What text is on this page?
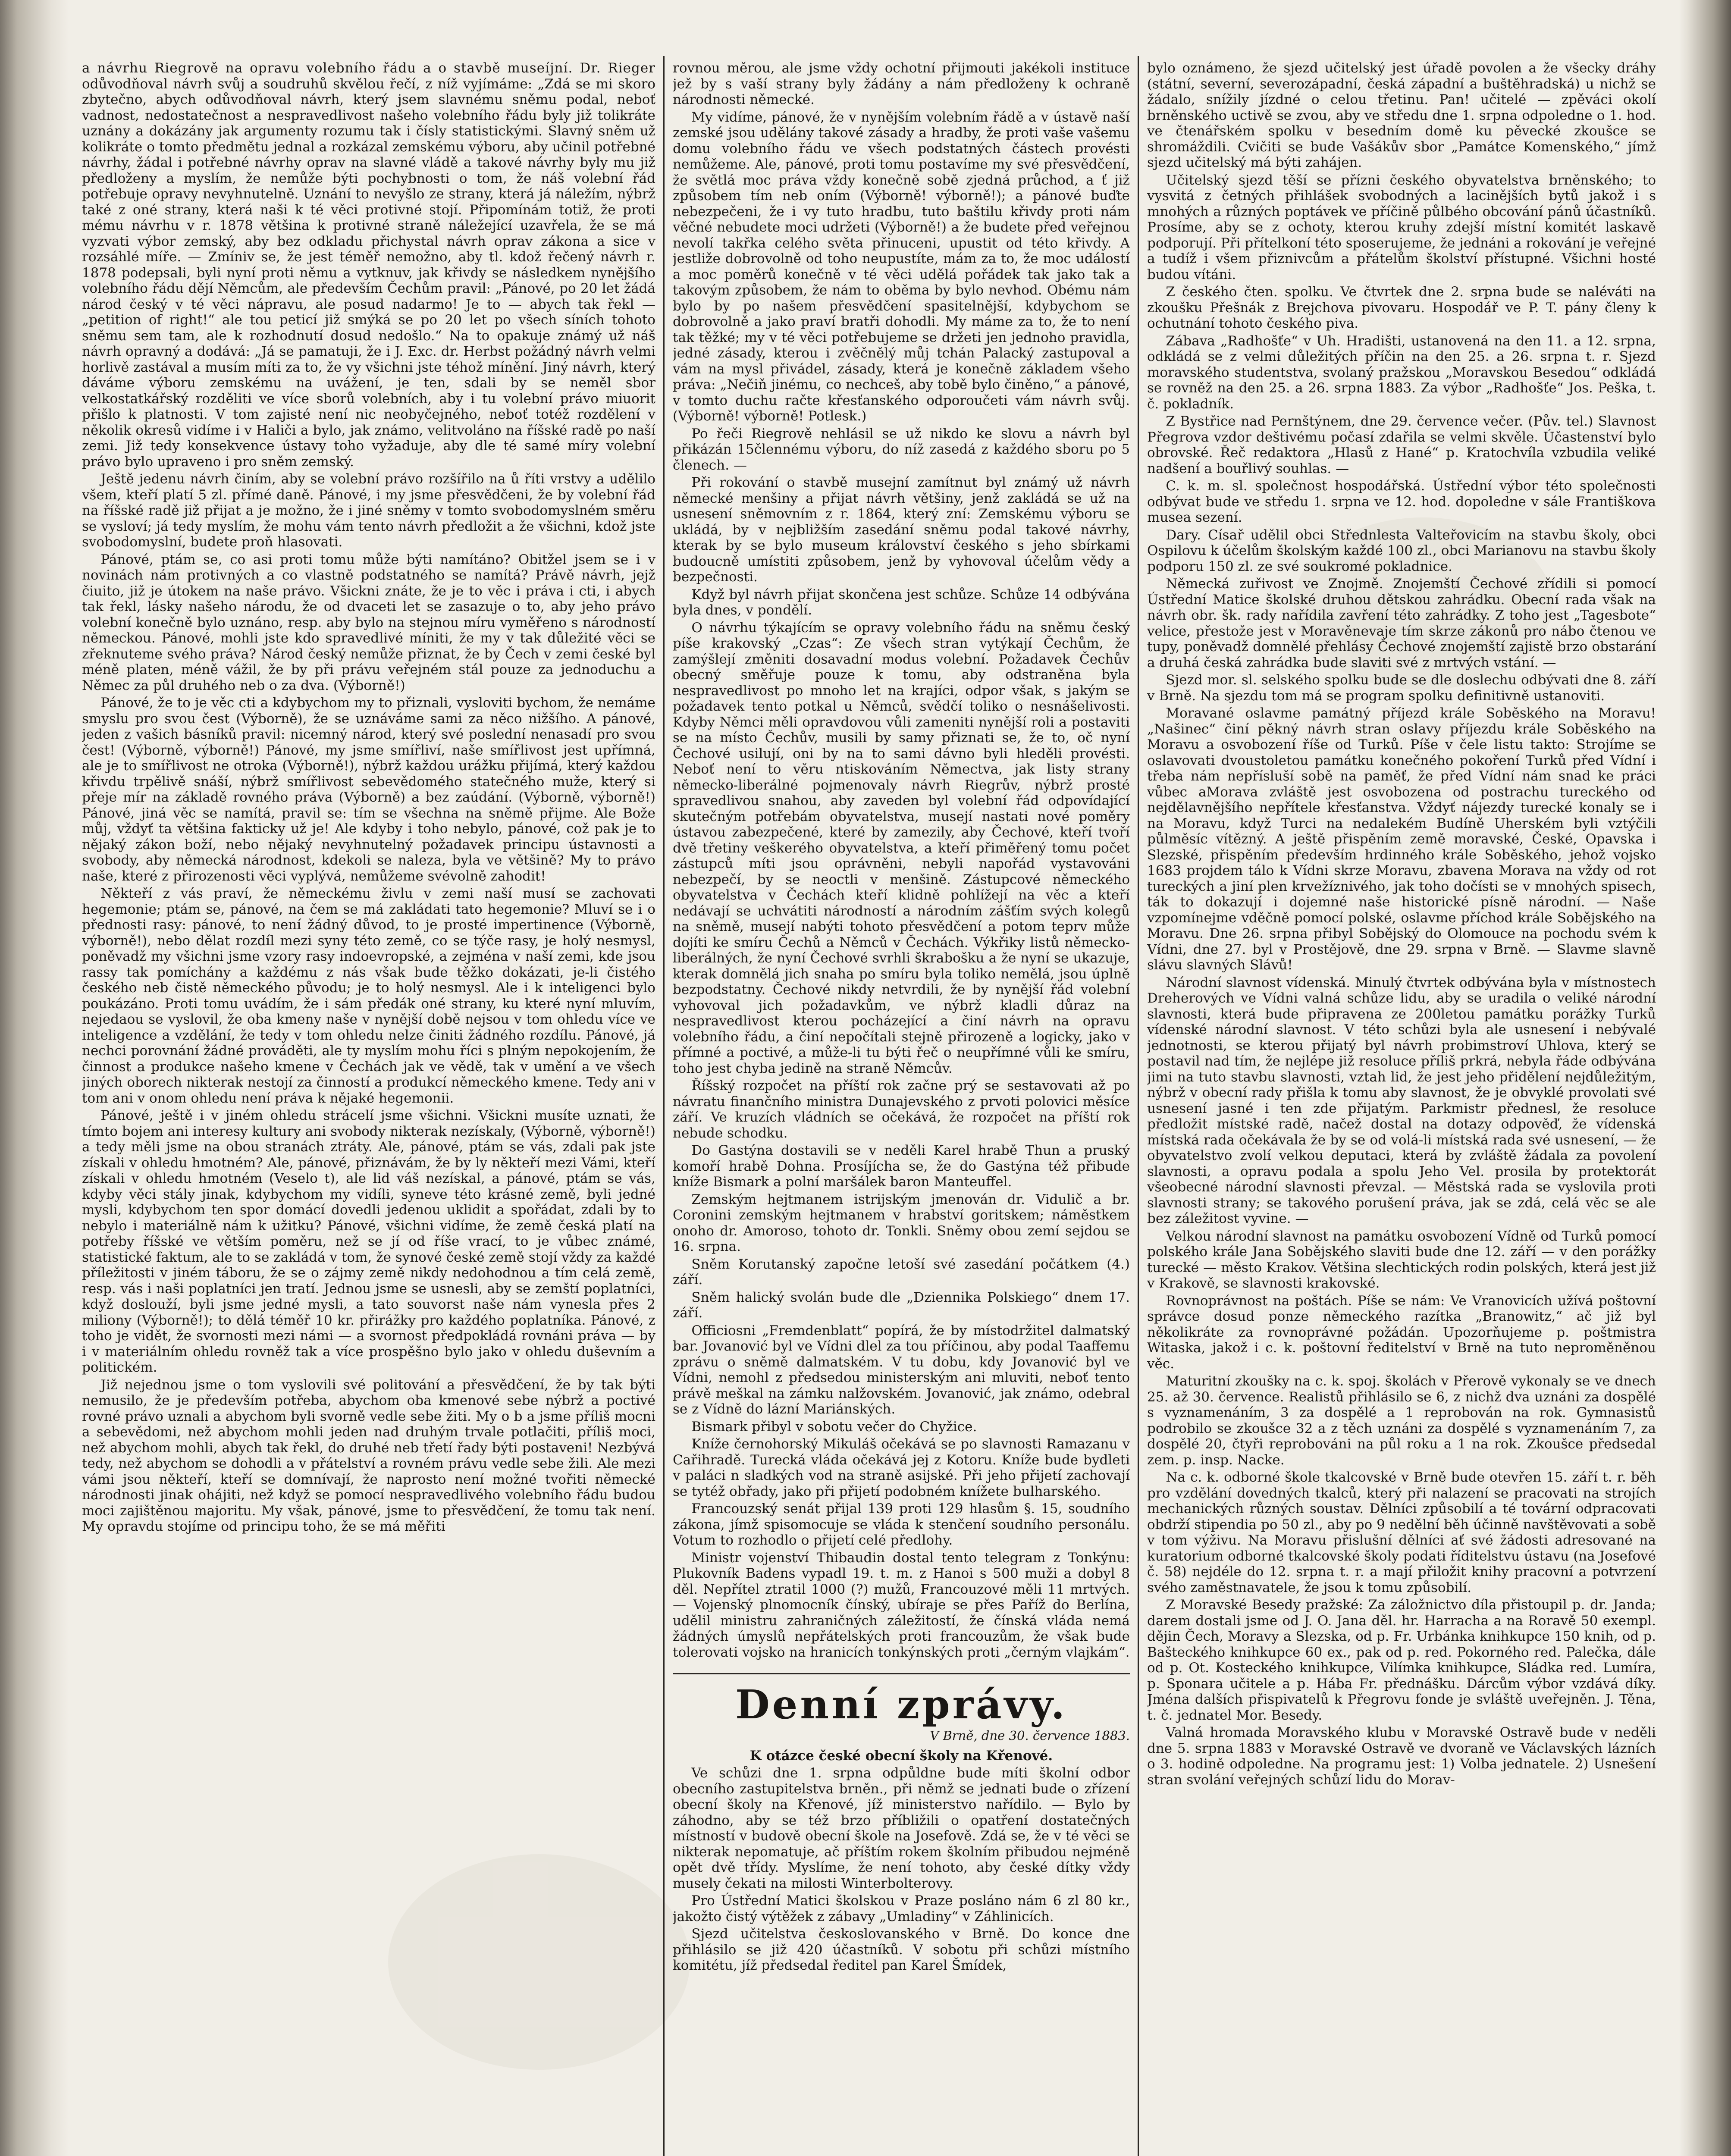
a návrhu Riegrově na opravu volebního řádu a o stavbě museíjní. Dr. Rieger odůvodňoval návrh svůj a soudruhů skvělou řečí, z níž vyjímáme: „Zdá se mi skoro zbytečno, abych odůvodňoval návrh, který jsem slavnému sněmu podal, neboť vadnost, nedostatečnost a nespravedlivost našeho volebního řádu byly již tolikráte uznány a dokázány jak argumenty rozumu tak i čísly statistickými. Slavný sněm už kolikráte o tomto předmětu jednal a rozkázal zemskému výboru, aby učinil potřebné návrhy, žádal i potřebné návrhy oprav na slavné vládě a takové návrhy byly mu již předloženy a myslím, že nemůže býti pochybnosti o tom, že náš volební řád potřebuje opravy nevyhnutelně. Uznání to nevyšlo ze strany, která já náležím, nýbrž také z oné strany, která naši k té věci protivné stojí. Připomínám totiž, že proti mému návrhu v r. 1878 většina k protivné straně náležející uzavřela, že se má vyzvati výbor zemský, aby bez odkladu přichystal návrh oprav zákona a sice v rozsáhlé míře. — Zmíniv se, že jest téměř nemožno, aby tl. kdož řečený návrh r. 1878 podepsali, byli nyní proti němu a vytknuv, jak křivdy se následkem nynějšího volebního řádu dějí Němcům, ale především Čechům pravil: „Pánové, po 20 let žádá národ český v té věci nápravu, ale posud nadarmo! Je to — abych tak řekl — „petition of right!“ ale tou peticí již smýká se po 20 let po všech síních tohoto sněmu sem tam, ale k rozhodnutí dosud nedošlo.“ Na to opakuje známý už náš návrh opravný a dodává: „Já se pamatuji, že i J. Exc. dr. Herbst požádný návrh velmi horlivě zastával a musím míti za to, že vy všichni jste téhož mínění. Jiný návrh, který dáváme výboru zemskému na uvážení, je ten, sdali by se neměl sbor velkostatkářský rozděliti ve více sborů volebních, aby i tu volební právo miuorit přišlo k platnosti. V tom zajisté není nic neobyčejného, neboť totéž rozdělení v několik okresů vidíme i v Haliči a bylo, jak známo, velitvoláno na říšské radě po naší zemi. Již tedy konsekvence ústavy toho vyžaduje, aby dle té samé míry volební právo bylo upraveno i pro sněm zemský.

Ještě jedenu návrh činím, aby se volební právo rozšířilo na ů říti vrstvy a udělilo všem, kteří platí 5 zl. přímé daně. Pánové, i my jsme přesvědčeni, že by volební řád na říšské radě již přijat a je možno, že i jiné sněmy v tomto svobodomyslném směru se vysloví; já tedy myslím, že mohu vám tento návrh předložit a že všichni, kdož jste svobodomyslní, budete proň hlasovati.

Pánové, ptám se, co asi proti tomu může býti namítáno? Obitžel jsem se i v novinách nám protivných a co vlastně podstatného se namítá? Právě návrh, jejž čiuito, již je útokem na naše právo. Všickni znáte, že je to věc i práva i cti, i abych tak řekl, lásky našeho národu, že od dvaceti let se zasazuje o to, aby jeho právo volební konečně bylo uznáno, resp. aby bylo na stejnou míru vyměřeno s národností německou. Pánové, mohli jste kdo spravedlivé míniti, že my v tak důležité věci se zřeknuteme svého práva? Národ český nemůže přiznat, že by Čech v zemi české byl méně platen, méně vážil, že by při právu veřejném stál pouze za jednoduchu a Němec za půl druhého neb o za dva. (Výborně!)

Pánové, že to je věc cti a kdybychom my to přiznali, vysloviti bychom, že nemáme smyslu pro svou čest (Výborně), že se uznáváme sami za něco nižšího. A pánové, jeden z vašich básníků pravil: nicemný národ, který své poslední nenasadí pro svou čest! (Výborně, výborně!) Pánové, my jsme smířliví, naše smířlivost jest upřímná, ale je to smířlivost ne otroka (Výborně!), nýbrž každou urážku přijímá, který každou křivdu trpělivě snáší, nýbrž smířlivost sebevědomého statečného muže, který si přeje mír na základě rovného práva (Výborně) a bez zaúdání. (Výborně, výborně!) Pánové, jiná věc se namítá, pravil se: tím se všechna na sněmě přijme. Ale Bože můj, vždyť ta většina fakticky už je! Ale kdyby i toho nebylo, pánové, což pak je to nějaký zákon boží, nebo nějaký nevyhnutelný požadavek principu ústavnosti a svobody, aby německá národnost, kdekoli se naleza, byla ve většině? My to právo naše, které z přirozenosti věci vyplývá, nemůžeme svévolně zahodit!

Někteří z vás praví, že německému živlu v zemi naší musí se zachovati hegemonie; ptám se, pánové, na čem se má zakládati tato hegemonie? Mluví se i o přednosti rasy: pánové, to není žádný důvod, to je prosté impertinence (Výborně, výborně!), nebo dělat rozdíl mezi syny této země, co se týče rasy, je holý nesmysl, poněvadž my všichni jsme vzory rasy indoevropské, a zejména v naší zemi, kde jsou rassy tak pomíchány a každému z nás však bude těžko dokázati, je-li čistého českého neb čistě německého původu; je to holý nesmysl. Ale i k inteligenci bylo poukázáno. Proti tomu uvádím, že i sám předák oné strany, ku které nyní mluvím, nejedaou se vyslovil, že oba kmeny naše v nynější době nejsou v tom ohledu více ve inteligence a vzdělání, že tedy v tom ohledu nelze činiti žádného rozdílu. Pánové, já nechci porovnání žádné prováděti, ale ty myslím mohu říci s plným nepokojením, že činnost a produkce našeho kmene v Čechách jak ve vědě, tak v umění a ve všech jiných oborech nikterak nestojí za činností a produkcí německého kmene. Tedy ani v tom ani v onom ohledu není práva k nějaké hegemonii.

Pánové, ještě i v jiném ohledu strácelí jsme všichni. Všickni musíte uznati, že tímto bojem ani interesy kultury ani svobody nikterak nezískaly, (Výborně, výborně!) a tedy měli jsme na obou stranách ztráty. Ale, pánové, ptám se vás, zdali pak jste získali v ohledu hmotném? Ale, pánové, přiznávám, že by ly někteří mezi Vámi, kteří získali v ohledu hmotném (Veselo t), ale lid váš nezískal, a pánové, ptám se vás, kdyby věci stály jinak, kdybychom my vidíli, syneve této krásné země, byli jedné mysli, kdybychom ten spor domácí dovedli jedenou uklidit a spořádat, zdali by to nebylo i materiálně nám k užitku? Pánové, všichni vidíme, že země česká platí na potřeby říšské ve větším poměru, než se jí od říše vrací, to je vůbec známé, statistické faktum, ale to se zakládá v tom, že synové české země stojí vždy za každé příležitosti v jiném táboru, že se o zájmy země nikdy nedohodnou a tím celá země, resp. vás i naši poplatníci jen tratí. Jednou jsme se usnesli, aby se zemští poplatníci, když doslouží, byli jsme jedné mysli, a tato souvorst naše nám vynesla přes 2 miliony (Výborně!); to dělá téměř 10 kr. přirážky pro každého poplatníka. Pánové, z toho je vidět, že svornosti mezi námi — a svornost předpokládá rovnáni práva — by i v materiálním ohledu rovněž tak a více prospěšno bylo jako v ohledu duševním a politickém.

Již nejednou jsme o tom vyslovili své politování a přesvědčení, že by tak býti nemusilo, že je především potřeba, abychom oba kmenové sebe nýbrž a poctivé rovné právo uznali a abychom byli svorně vedle sebe žiti. My o b a jsme příliš mocni a sebevědomi, než abychom mohli jeden nad druhým trvale potlačiti, příliš moci, než abychom mohli, abych tak řekl, do druhé neb třetí řady býti postaveni! Nezbývá tedy, než abychom se dohodli a v přátelství a rovném právu vedle sebe žili. Ale mezi vámi jsou někteří, kteří se domnívají, že naprosto není možné tvořiti německé národnosti jinak ohájiti, než když se pomocí nespravedlivého volebního řádu budou moci zajištěnou majoritu. My však, pánové, jsme to přesvědčení, že tomu tak není. My opravdu stojíme od principu toho, že se má měřiti

rovnou měrou, ale jsme vždy ochotní přijmouti jakékoli instituce jež by s vaší strany byly žádány a nám předloženy k ochraně národnosti německé.

My vidíme, pánové, že v nynějším volebním řádě a v ústavě naší zemské jsou udělány takové zásady a hradby, že proti vaše vašemu domu volebního řádu ve všech podstatných částech provésti nemůžeme. Ale, pánové, proti tomu postavíme my své přesvědčení, že světlá moc práva vždy konečně sobě zjedná průchod, a ť již způsobem tím neb oním (Výborně! výborně!); a pánové buďte nebezpečeni, že i vy tuto hradbu, tuto baštilu křivdy proti nám věčné nebudete moci udržeti (Výborně!) a že budete před veřejnou nevolí takřka celého světa přinuceni, upustit od této křivdy. A jestliže dobrovolně od toho neupustíte, mám za to, že moc událostí a moc poměrů konečně v té věci udělá pořádek tak jako tak a takovým způsobem, že nám to oběma by bylo nevhod. Obému nám bylo by po našem přesvědčení spasitelnější, kdybychom se dobrovolně a jako praví bratři dohodli. My máme za to, že to není tak těžké; my v té věci potřebujeme se držeti jen jednoho pravidla, jedné zásady, kterou i zvěčnělý můj tchán Palacký zastupoval a vám na mysl přivádel, zásady, která je konečně základem všeho práva: „Nečiň jinému, co nechceš, aby tobě bylo činěno,“ a pánové, v tomto duchu račte křesťanského odporoučeti vám návrh svůj. (Výborně! výborně! Potlesk.)

Po řeči Riegrově nehlásil se už nikdo ke slovu a návrh byl přikázán 15člennému výboru, do níž zasedá z každého sboru po 5 členech. —

Při rokování o stavbě musejní zamítnut byl známý už návrh německé menšiny a přijat návrh většiny, jenž zakládá se už na usnesení sněmovním z r. 1864, který zní: Zemskému výboru se ukládá, by v nejbližším zasedání sněmu podal takové návrhy, kterak by se bylo museum království českého s jeho sbírkami budoucně umístiti způsobem, jenž by vyhovoval účelům vědy a bezpečnosti.

Když byl návrh přijat skončena jest schůze. Schůze 14 odbývána byla dnes, v pondělí.

O návrhu týkajícím se opravy volebního řádu na sněmu český píše krakovský „Czas“: Ze všech stran vytýkají Čechům, že zamýšlejí změniti dosavadní modus volební. Požadavek Čechův obecný směřuje pouze k tomu, aby odstraněna byla nespravedlivost po mnoho let na krajíci, odpor však, s jakým se požadavek tento potkal u Němců, svědčí toliko o nesnášelivosti. Kdyby Němci měli opravdovou vůli zameniti nynější roli a postaviti se na místo Čechův, musili by samy přiznati se, že to, oč nyní Čechové usilují, oni by na to sami dávno byli hleděli provésti. Neboť není to věru ntiskováním Němectva, jak listy strany německo-liberálné pojmenovaly návrh Riegrův, nýbrž prosté spravedlivou snahou, aby zaveden byl volební řád odpovídající skutečným potřebám obyvatelstva, musejí nastati nové poměry ústavou zabezpečené, které by zamezily, aby Čechové, kteří tvoří dvě třetiny veškerého obyvatelstva, a kteří přiměřený tomu počet zástupců míti jsou oprávněni, nebyli napořád vystavováni nebezpečí, by se neoctli v menšině. Zástupcové německého obyvatelstva v Čechách kteří klidně pohlížejí na věc a kteří nedávají se uchvátiti národností a národním zášťím svých kolegů na sněmě, musejí nabýti tohoto přesvědčení a potom teprv může dojíti ke smíru Čechů a Němců v Čechách. Výkřiky listů německo-liberálných, že nyní Čechové svrhli škrabošku a že nyní se ukazuje, kterak domnělá jich snaha po smíru byla toliko nemělá, jsou úplně bezpodstatny. Čechové nikdy netvrdili, že by nynější řád volební vyhovoval jich požadavkům, ve nýbrž kladli důraz na nespravedlivost kterou pocházející a činí návrh na opravu volebního řádu, a činí nepočítali stejně přirozeně a logicky, jako v přímné a poctivé, a může-li tu býti řeč o neupřímné vůli ke smíru, toho jest chyba jedině na straně Němcův.

Říšský rozpočet na příští rok začne prý se sestavovati až po návratu finančního ministra Dunajevského z prvoti polovici měsíce září. Ve kruzích vládních se očekává, že rozpočet na příští rok nebude schodku.

Do Gastýna dostavili se v neděli Karel hrabě Thun a pruský komoří hrabě Dohna. Prosíjícha se, že do Gastýna též přibude kníže Bismark a polní maršálek baron Manteuffel.

Zemským hejtmanem istrijským jmenován dr. Vidulič a br. Coronini zemským hejtmanem v hrabství goritskem; náměstkem onoho dr. Amoroso, tohoto dr. Tonkli. Sněmy obou zemí sejdou se 16. srpna.

Sněm Korutanský započne letoší své zasedání počátkem (4.) září.

Sněm halický svolán bude dle „Dziennika Polskiego“ dnem 17. září.

Officiosni „Fremdenblatt“ popírá, že by místodržitel dalmatský bar. Jovanović byl ve Vídni dlel za tou příčinou, aby podal Taaffemu zprávu o sněmě dalmatském. V tu dobu, kdy Jovanović byl ve Vídni, nemohl z předsedou ministerským ani mluviti, neboť tento právě meškal na zámku nalžovském. Jovanović, jak známo, odebral se z Vídně do lázní Mariánských.

Bismark přibyl v sobotu večer do Chyžice.

Kníže černohorský Mikuláš očekává se po slavnosti Ramazanu v Cařihradě. Turecká vláda očekává jej z Kotoru. Kníže bude bydleti v paláci n sladkých vod na straně asijské. Při jeho přijetí zachovají se tytéž obřady, jako při přijetí podobném knížete bulharského.

Francouzský senát přijal 139 proti 129 hlasům §. 15, soudního zákona, jímž spisomocuje se vláda k stenčení soudního personálu. Votum to rozhodlo o přijetí celé předlohy.

Ministr vojenství Thibaudin dostal tento telegram z Tonkýnu: Plukovník Badens vypadl 19. t. m. z Hanoi s 500 muži a dobyl 8 děl. Nepřítel ztratil 1000 (?) mužů, Francouzové měli 11 mrtvých. — Vojenský plnomocník čínský, ubíraje se přes Paříž do Berlína, udělil ministru zahraničných záležitostí, že čínská vláda nemá žádných úmyslů nepřátelských proti francouzům, že však bude tolerovati vojsko na hranicích tonkýnských proti „černým vlajkám“.

Denní zprávy.
V Brně, dne 30. července 1883.

K otázce české obecní školy na Křenové.

Ve schůzi dne 1. srpna odpůldne bude míti školní odbor obecního zastupitelstva brněn., při němž se jednati bude o zřízení obecní školy na Křenové, jíž ministerstvo nařídilo. — Bylo by záhodno, aby se též brzo příbližili o opatření dostatečných místností v budově obecní škole na Josefově. Zdá se, že v té věci se nikterak nepomatuje, ač příštím rokem školním přibudou nejméně opět dvě třídy. Myslíme, že není tohoto, aby české dítky vždy musely čekati na milosti Winterbolterovy.

Pro Ústřední Matici školskou v Praze posláno nám 6 zl 80 kr., jakožto čistý výtěžek z zábavy „Umladiny“ v Záhlinicích.

Sjezd učitelstva českoslovanského v Brně. Do konce dne přihlásilo se již 420 účastníků. V sobotu při schůzi místního komitétu, jíž předsedal ředitel pan Karel Šmídek,

bylo oznámeno, že sjezd učitelský jest úřadě povolen a že všecky dráhy (státní, severní, severozápadní, česká západní a buštěhradská) u nichž se žádalo, snížily jízdné o celou třetinu. Pan! učitelé — zpěváci okolí brněnského uctivě se zvou, aby ve středu dne 1. srpna odpoledne o 1. hod. ve čtenářském spolku v besedním domě ku pěvecké zkoušce se shromáždili. Cvičiti se bude Vašákův sbor „Památce Komenského,“ jímž sjezd učitelský má býti zahájen.

Učitelský sjezd těší se přízni českého obyvatelstva brněnského; to vysvitá z četných přihlášek svobodných a lacinějších bytů jakož i s mnohých a různých poptávek ve příčině půlbého obcování pánů účastníků. Prosíme, aby se z ochoty, kterou kruhy zdejší místní komitét laskavě podporují. Při přítelkoní této sposerujeme, že jednáni a rokování je veřejné a tudíž i všem přiznivcům a přátelům školství přístupné. Všichni hosté budou vítáni.

Z českého čten. spolku. Ve čtvrtek dne 2. srpna bude se naléváti na zkoušku Přešnák z Brejchova pivovaru. Hospodář ve P. T. pány členy k ochutnání tohoto českého piva.

Zábava „Radhošťe“ v Uh. Hradišti, ustanovená na den 11. a 12. srpna, odkládá se z velmi důležitých příčin na den 25. a 26. srpna t. r. Sjezd moravského studentstva, svolaný pražskou „Moravskou Besedou“ odkládá se rovněž na den 25. a 26. srpna 1883. Za výbor „Radhošťe“ Jos. Peška, t. č. pokladník.

Z Bystřice nad Pernštýnem, dne 29. července večer. (Pův. tel.) Slavnost Přegrova vzdor deštivému počasí zdařila se velmi skvěle. Účastenství bylo obrovské. Řeč redaktora „Hlasů z Hané“ p. Kratochvíla vzbudila veliké nadšení a bouřlivý souhlas. —

C. k. m. sl. společnost hospodářská. Ústřední výbor této společnosti odbývat bude ve středu 1. srpna ve 12. hod. dopoledne v sále Františkova musea sezení.

Dary. Císař udělil obci Střednlesta Valteřovicím na stavbu školy, obci Ospilovu k účelům školským každé 100 zl., obci Marianovu na stavbu školy podporu 150 zl. ze své soukromé pokladnice.

Německá zuřivost ve Znojmě. Znojemští Čechové zřídili si pomocí Ústřední Matice školské druhou dětskou zahrádku. Obecní rada však na návrh obr. šk. rady nařídila zavření této zahrádky. Z toho jest „Tagesbote“ velice, přestože jest v Moravěnevaje tím skrze zákonů pro nábo čtenou ve tupy, poněvadž domnělé přehlásy Čechové znojemští zajistě brzo obstarání a druhá česká zahrádka bude slaviti své z mrtvých vstání. —

Sjezd mor. sl. selského spolku bude se dle doslechu odbývati dne 8. září v Brně. Na sjezdu tom má se program spolku definitivně ustanoviti.

Moravané oslavme památný příjezd krále Soběského na Moravu! „Našinec“ činí pěkný návrh stran oslavy příjezdu krále Soběského na Moravu a osvobození říše od Turků. Píše v čele listu takto: Strojíme se oslavovati dvoustoletou památku konečného pokoření Turků před Vídní i třeba nám nepřísluší sobě na paměť, že před Vídní nám snad ke práci vůbec aMorava zvláště jest osvobozena od postrachu tureckého od nejdělavnějšího nepřítele křesťanstva. Vždyť nájezdy turecké konaly se i na Moravu, když Turci na nedalekém Budíně Uherském byli vztýčili půlměsíc vítězný. A ještě přispěním země moravské, České, Opavska i Slezské, přispěním především hrdinného krále Soběského, jehož vojsko 1683 projdem tálo k Vídni skrze Moravu, zbavena Morava na vždy od rot tureckých a jiní plen krvežíznivého, jak toho dočísti se v mnohých spisech, ták to dokazují i dojemné naše historické písně národní. — Naše vzpomínejme vděčně pomocí polské, oslavme příchod krále Sobějského na Moravu. Dne 26. srpna přibyl Sobějský do Olomouce na pochodu svém k Vídni, dne 27. byl v Prostějově, dne 29. srpna v Brně. — Slavme slavně slávu slavných Slávů!

Národní slavnost vídenská. Minulý čtvrtek odbývána byla v místnostech Dreherových ve Vídni valná schůze lidu, aby se uradila o veliké národní slavnosti, která bude připravena ze 200letou památku porážky Turků vídenské národní slavnost. V této schůzi byla ale usnesení i nebývalé jednotnosti, se kterou přijatý byl návrh probimstroví Uhlova, který se postavil nad tím, že nejlépe již resoluce příliš prkrá, nebyla řáde odbývána jimi na tuto stavbu slavnosti, vztah lid, že jest jeho přidělení nejdůležitým, nýbrž v obecní rady přišla k tomu aby slavnost, že je obvyklé provolati své usnesení jasné i ten zde přijatým. Parkmistr přednesl, že resoluce předložit místské radě, načež dostal na dotazy odpověď, že vídenská místská rada očekávala že by se od volá-li místská rada své usnesení, — že obyvatelstvo zvolí velkou deputaci, která by zvláště žádala za povolení slavnosti, a opravu podala a spolu Jeho Vel. prosila by protektorát všeobecné národní slavnosti převzal. — Městská rada se vyslovila proti slavnosti strany; se takového porušení práva, jak se zdá, celá věc se ale bez záležitost vyvine. —

Velkou národní slavnost na památku osvobození Vídně od Turků pomocí polského krále Jana Sobějského slaviti bude dne 12. září — v den porážky turecké — město Krakov. Většina slechtických rodin polských, která jest již v Krakově, se slavnosti krakovské.

Rovnoprávnost na poštách. Píše se nám: Ve Vranovicích užívá poštovní správce dosud ponze německého razítka „Branowitz,“ ač již byl několikráte za rovnoprávné požádán. Upozorňujeme p. poštmistra Witaska, jakož i c. k. poštovní ředitelství v Brně na tuto neproměněnou věc.

Maturitní zkoušky na c. k. spoj. školách v Přerově vykonaly se ve dnech 25. až 30. července. Realistů přihlásilo se 6, z nichž dva uznáni za dospělé s vyznamenáním, 3 za dospělé a 1 reprobován na rok. Gymnasistů podrobilo se zkoušce 32 a z těch uznáni za dospělé s vyznamenáním 7, za dospělé 20, čtyři reprobováni na půl roku a 1 na rok. Zkoušce předsedal zem. p. insp. Nacke.

Na c. k. odborné škole tkalcovské v Brně bude otevřen 15. září t. r. běh pro vzdělání dovedných tkalců, který při nalazení se pracovati na strojích mechanických různých soustav. Dělníci způsobilí a té tovární odpracovati obdrží stipendia po 50 zl., aby po 9 nedělní běh účinně navštěvovati a sobě v tom výživu. Na Moravu přislušní dělníci ať své žádosti adresované na kuratorium odborné tkalcovské školy podati říditelstvu ústavu (na Josefové č. 58) nejdéle do 12. srpna t. r. a mají přiložit knihy pracovní a potvrzení svého zaměstnavatele, že jsou k tomu způsobilí.

Z Moravské Besedy pražské: Za záložnictvo díla přistoupil p. dr. Janda; darem dostali jsme od J. O. Jana děl. hr. Harracha a na Roravě 50 exempl. dějin Čech, Moravy a Slezska, od p. Fr. Urbánka knihkupce 150 knih, od p. Bašteckého knihkupce 60 ex., pak od p. red. Pokorného red. Palečka, dále od p. Ot. Kosteckého knihkupce, Vilímka knihkupce, Sládka red. Lumíra, p. Sponara učitele a p. Hába Fr. přednášku. Dárcům výbor vzdává díky. Jména dalších přispivatelů k Přegrovu fonde je svláště uveřejněn. J. Těna, t. č. jednatel Mor. Besedy.

Valná hromada Moravského klubu v Moravské Ostravě bude v neděli dne 5. srpna 1883 v Moravské Ostravě ve dvoraně ve Václavských lázních o 3. hodině odpoledne. Na programu jest: 1) Volba jednatele. 2) Usnešení stran svolání veřejných schůzí lidu do Morav-
